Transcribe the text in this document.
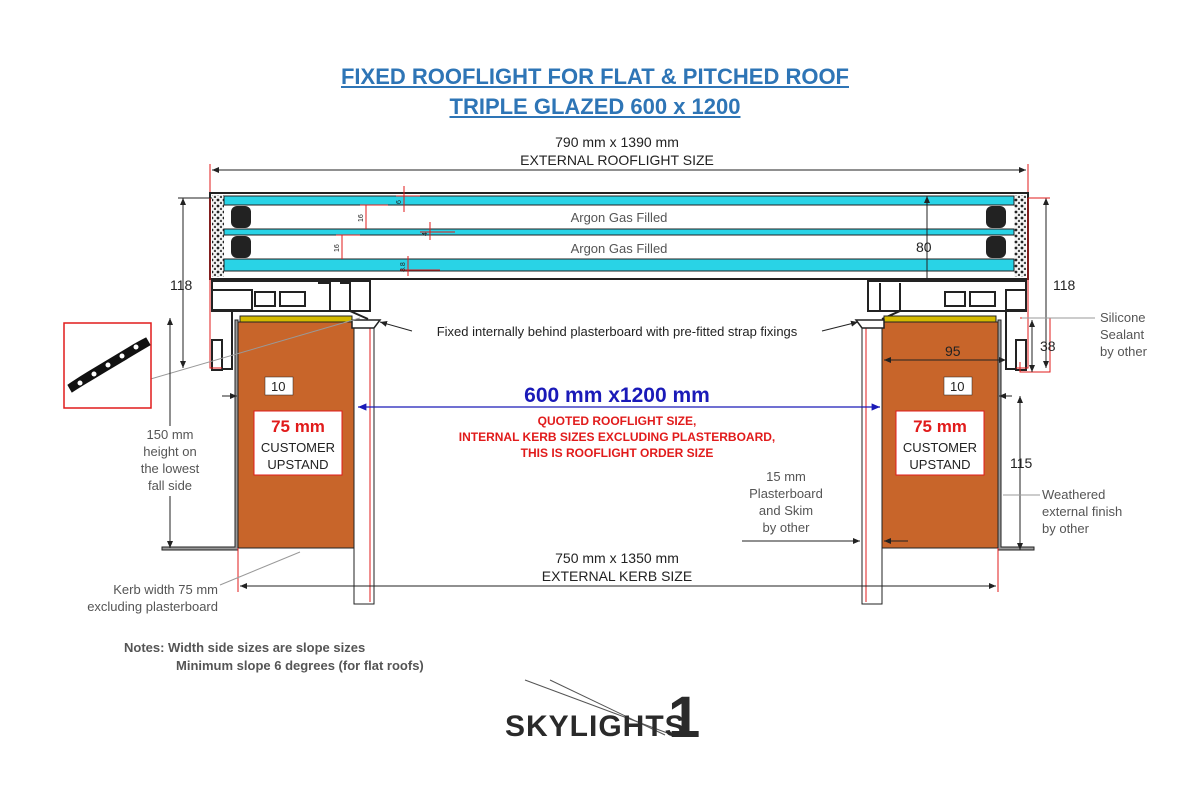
FIXED ROOFLIGHT FOR FLAT & PITCHED ROOF
TRIPLE GLAZED 600 x 1200
790 mm x 1390 mm
EXTERNAL ROOFLIGHT SIZE
Argon Gas Filled
Argon Gas Filled
6
16
4
16
8.8
80
118	118
75 mm
CUSTOMER
UPSTAND
75 mm
CUSTOMER
UPSTAND
10	10
95	38
115
600 mm x1200 mm
QUOTED ROOFLIGHT SIZE,
INTERNAL KERB SIZES EXCLUDING PLASTERBOARD,
THIS IS ROOFLIGHT ORDER SIZE
Fixed internally behind plasterboard with pre-fitted strap fixings
Silicone
Sealant
by other
150 mm
height on
the lowest
fall side
15 mm
Plasterboard
and Skim
by other
Weathered
external finish
by other
750 mm x 1350 mm
EXTERNAL KERB SIZE
Kerb width 75 mm
excluding plasterboard
SKYLIGHTS
1
Notes: Width side sizes are slope sizes
Minimum slope 6 degrees (for flat roofs)
